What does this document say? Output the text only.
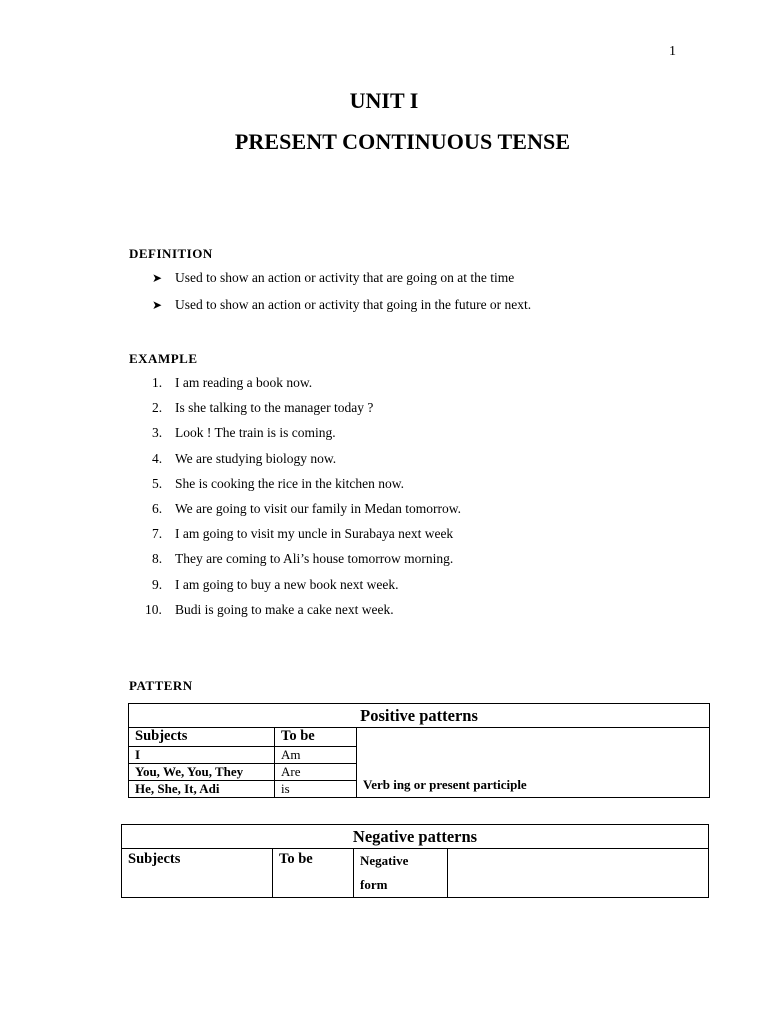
1
UNIT I
PRESENT CONTINUOUS TENSE
DEFINITION
➤ Used to show an action or activity that are going on at the time
➤ Used to show an action or activity that going in the future or next.
EXAMPLE
1. I am reading a book now.
2. Is she talking to the manager today ?
3. Look ! The train is is coming.
4. We are studying biology now.
5. She is cooking the rice in the kitchen now.
6. We are going to visit our family in Medan tomorrow.
7. I am going to visit my uncle in Surabaya next week
8. They are coming to Ali’s house tomorrow morning.
9. I am going to buy a new book next week.
10. Budi is going to make a cake next week.
PATTERN
Positive patterns		
Subjects	To be	Verb ing or present participle
I	Am	
You, We, You, They	Are	
He, She, It, Adi	is	
Negative patterns
Subjects	To be	Negative
form	
